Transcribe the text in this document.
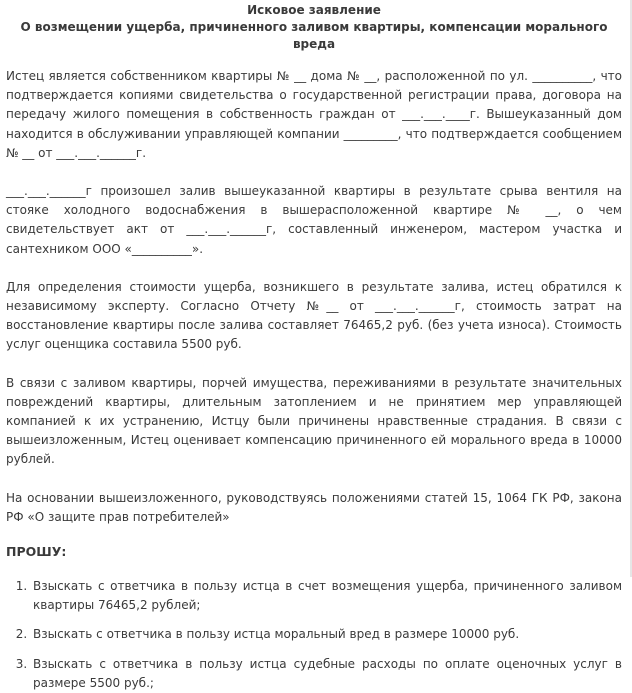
Исковое заявление

О возмещении ущерба, причиненного заливом квартиры, компенсации морального вреда

Истец является собственником квартиры № __ дома № __, расположенной по ул. __________, что подтверждается копиями свидетельства о государственной регистрации права, договора на передачу жилого помещения в собственность граждан от ___.___.____г. Вышеуказанный дом находится в обслуживании управляющей компании _________, что подтверждается сообщением № __ от ___.___.______г.

___.___.______г произошел залив вышеуказанной квартиры в результате срыва вентиля на стояке холодного водоснабжения в вышерасположенной квартире № __, о чем свидетельствует акт от ___.___.______г, составленный инженером, мастером участка и сантехником ООО «__________».

Для определения стоимости ущерба, возникшего в результате залива, истец обратился к независимому эксперту. Согласно Отчету №__ от ___.___.______г, стоимость затрат на восстановление квартиры после залива составляет 76465,2 руб. (без учета износа). Стоимость услуг оценщика составила 5500 руб.

В связи с заливом квартиры, порчей имущества, переживаниями в результате значительных повреждений квартиры, длительным затоплением и не принятием мер управляющей компанией к их устранению, Истцу были причинены нравственные страдания. В связи с вышеизложенным, Истец оценивает компенсацию причиненного ей морального вреда в 10000 рублей.

На основании вышеизложенного, руководствуясь положениями статей 15, 1064 ГК РФ, закона РФ «О защите прав потребителей»

ПРОШУ:

1. Взыскать с ответчика в пользу истца в счет возмещения ущерба, причиненного заливом квартиры 76465,2 рублей;
2. Взыскать с ответчика в пользу истца моральный вред в размере 10000 руб.
3. Взыскать с ответчика в пользу истца судебные расходы по оплате оценочных услуг в размере 5500 руб.;
